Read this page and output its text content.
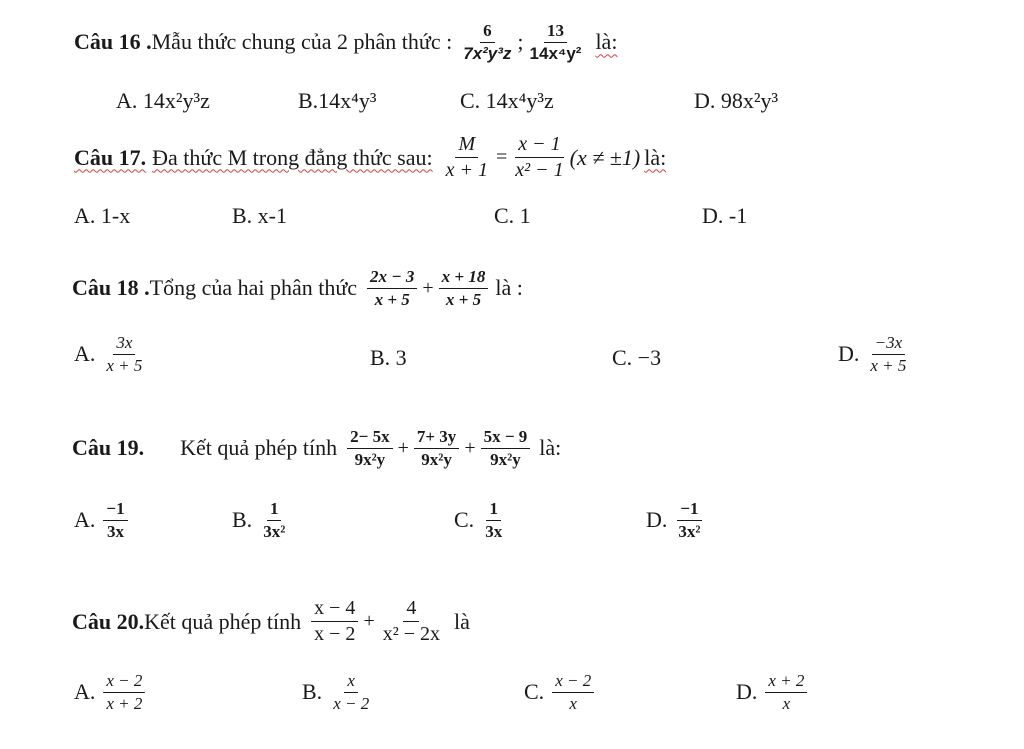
Câu 16 . Mẫu thức chung của 2 phân thức : $\frac{6}{\text{7x²y³z}}$ ; $\frac{13}{\text{14x⁴y²}}$ là:
A. 14x²y³z	B.14x⁴y³	C. 14x⁴y³z	D. 98x²y³
Câu 17. Đa thức M trong đẳng thức sau: $\frac{M}{x + 1} = \frac{x - 1}{\text{x² − 1}} (x \ne \pm 1)$ là:
A. 1-x	B. x-1	C. 1	D. -1
Câu 18 . Tổng của hai phân thức $\frac{2x - 3}{x + 5} + \frac{x + 18}{x + 5}$ là :
A. $\frac{3x}{x + 5}$	B. 3	C. −3	D. $\frac{-3x}{x + 5}$
Câu 19. Kết quả phép tính $\frac{2- 5x}{\text{9x²y}} + \frac{7+ 3y}{\text{9x²y}} + \frac{5x - 9}{\text{9x²y}}$ là:
A. $\frac{-1}{3x}$	B. $\frac{1}{\text{3x²}}$	C. $\frac{1}{3x}$	D. $\frac{-1}{\text{3x²}}$
Câu 20. Kết quả phép tính $\frac{x - 4}{x - 2} + \frac{4}{\text{x² − 2x}}$ là
A. $\frac{x - 2}{x + 2}$	B. $\frac{x}{x - 2}$	C. $\frac{x - 2}{x}$	D. $\frac{x + 2}{x}$
